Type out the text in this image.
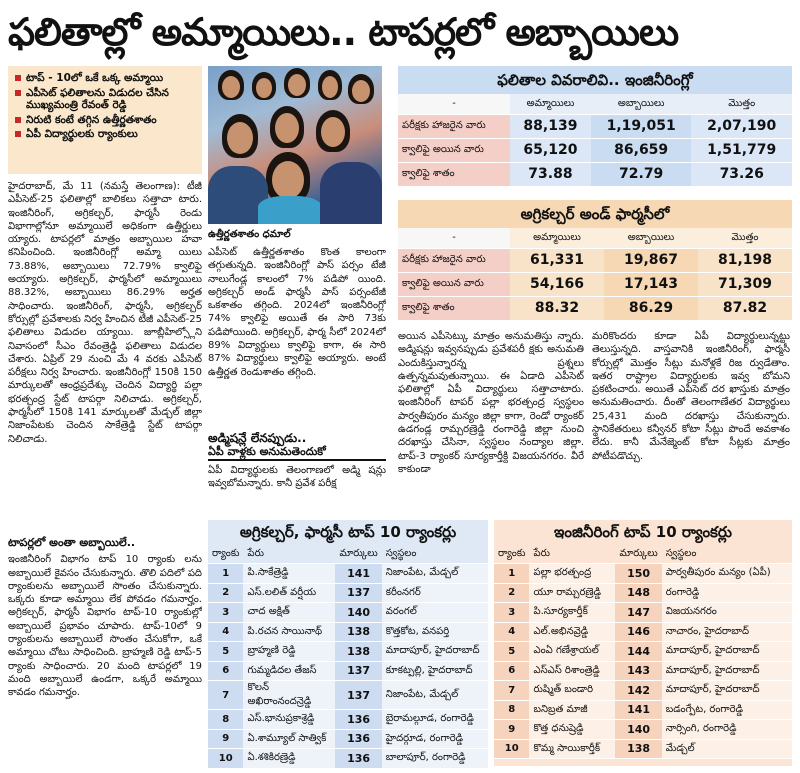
ఫలితాల్లో అమ్మాయిలు.. టాపర్లలో అబ్బాయిలు
టాప్ - 10లో ఒకే ఒక్క అమ్మాయి
ఎపీసెట్ ఫలితాలను విడుదల చేసిన ముఖ్యమంత్రి రేవంత్ రెడ్డి
నిరుటి కంటే తగ్గిన ఉత్తీర్ణతశాతం
ఏపీ విద్యార్థులకు ర్యాంకులు

హైదరాబాద్, మే 11 (నమస్తే తెలంగాణ): టీజీ ఎపీసెట్-25 ఫలితాల్లో బాలికలు సత్తాచా టారు. ఇంజినీరింగ్, అగ్రికల్చర్, ఫార్మసీ రెండు విభాగాల్లోనూ అమ్మాయిలే అధికంగా ఉత్తీర్ణులు య్యారు. టాపర్లలో మాత్రం అబ్బాయిల హవా కనిపించింది. ఇంజినీరింగ్లో అమ్మా యిలు 73.88%, అబ్బాయిలు 72.79% క్వాలిఫై అయ్యారు. అగ్రికల్చర్, ఫార్మసీలో అమ్మాయిలు 88.32%, అబ్బాయిలు 86.29% అర్హత సాధించారు. ఇంజినీరింగ్, ఫార్మసీ, అగ్రికల్చర్ కోర్సుల్లో ప్రవేశాలకు నిర్వ హించిన టీజీ ఎపీసెట్-25 ఫలితాలు విడుదల య్యాయి. జూబ్లీహిల్స్లోని నివాసంలో సీఎం రేవంత్రెడ్డి ఫలితాలు విడుదల చేశారు. ఏప్రిల్ 29 నుంచి మే 4 వరకు ఎపీసెట్ పరీక్షలు నిర్వ హించారు. ఇంజినీరింగ్లో 150కి 150 మార్కులతో ఆంధ్రప్రదేశ్కు చెందిన విద్యార్థి పల్లా భరత్చంద్ర స్టేట్ టాపర్గా నిలిచాడు. అగ్రికల్చర్, ఫార్మసీలో 150కి 141 మార్కులతో మేడ్చల్ జిల్లా నిజాంపేటకు చెందిన సాకేత్రెడ్డి స్టేట్ టాపర్గా నిలిచాడు.

టాపర్లలో అంతా అబ్బాయిలే..

ఇంజినీరింగ్ విభాగం టాప్ 10 ర్యాంకు లను అబ్బాయిలే కైవసం చేసుకున్నారు. తొలి పదిలో పది ర్యాంకులను అబ్బాయిలే సొంతం చేసుకున్నారు. ఒక్కరు కూడా అమ్మాయి లేక పోవడం గమనార్హం. అగ్రికల్చర్, ఫార్మసీ విభాగం టాప్-10 ర్యాంకుల్లో అబ్బాయిలే ప్రభావం చూపారు. టాప్-10లో 9 ర్యాంకులను అబ్బాయిలే సొంతం చేసుకోగా, ఒకే అమ్మాయి చోటు సాధించింది. బ్రాహ్మణి రెడ్డి టాప్-5 ర్యాంకు సాధించారు. 20 మంది టాపర్లలో 19 మంది అబ్బాయిలే ఉండగా, ఒక్కరే అమ్మాయి కావడం గమనార్హం.

ఉత్తీర్ణతశాతం ధమాల్

ఎపీసెట్ ఉత్తీర్ణతశాతం కొంత కాలంగా తగ్గుతున్నది. ఇంజినీరింగ్లో పాస్ పర్సం టేజీ నాలుగేండ్ల కాలంలో 7% పడిపో యింది. అగ్రికల్చర్ అండ్ ఫార్మసీ పాస్ పర్సంటేజీ ఒకశాతం తగ్గింది. 2024లో ఇంజినీరింగ్లో 74% క్వాలిఫై అయితే ఈ సారి 73కు పడిపోయింది. అగ్రికల్చర్, ఫార్మ సీలో 2024లో 89% విద్యార్థులు క్వాలిఫై కాగా, ఈ సారి 87% విద్యార్థులు క్వాలిఫై అయ్యారు. అంటే ఉత్తీర్ణత రెండుశాతం తగ్గింది.

అడ్మిషన్లే లేనప్పుడు..

ఏపీ వాళ్లకు అనుమతెందుకో

ఏపీ విద్యార్థులకు తెలంగాణలో అడ్మి షన్లు ఇవ్వబోమన్నారు. కానీ ప్రవేశ పరీక్ష

అయిన ఎపీసెట్కు మాత్రం అనుమతిస్తు న్నారు. అడ్మిషన్లు ఇవ్వనప్పుడు ప్రవేశపరీ క్షకు అనుమతి ఎందుకిస్తున్నారన్న ప్రశ్నలు ఉత్పన్నమవుతున్నాయి. ఈ ఏడాది ఎపీసెట్ ఫలితాల్లో ఏపీ విద్యార్థులు సత్తాచాటారు. ఇంజినీరింగ్ టాపర్ పల్లా భరత్చంద్ర స్వస్థలం పార్వతీపురం మన్యం జిల్లా కాగా, రెండో ర్యాంకర్ ఉడగండ్ల రామ్చరణ్రెడ్డి రంగారెడ్డి జిల్లా నుంచి దరఖాస్తు చేసినా, స్వస్థలం నంద్యాల జిల్లా. టాప్-3 ర్యాంకర్ సూర్యకార్తీక్ది విజయనగరం. వీరే కాకుండా

మరికొందరు కూడా ఏపీ విద్యార్థులున్నట్టు తెలుస్తున్నది. వాస్తవానికి ఇంజినీరింగ్, ఫార్మసీ కోర్సుల్లో మొత్తం సీట్లు మనోళ్లకే రిజ ర్వుడేతాం. ఇతర రాష్ట్రాల విద్యార్థులకు ఇవ్వ బోమని ప్రకటించారు. అయితే ఎపీసెట్ దర ఖాస్తుకు మాత్రం అనుమతించారు. దీంతో తెలంగాణేతర విద్యార్థులు 25,431 మంది దరఖాస్తు చేసుకున్నారు. స్థానికేతరులు కన్వీనర్ కోటా సీట్లు పొందే అవకాశం లేదు. కానీ మేనేజ్మెంట్ కోటా సీట్లకు మాత్రం పోటీపడొచ్చు.

ఫలితాల వివరాలివి.. ఇంజినీరింగ్లో
-	అమ్మాయిలు	అబ్బాయిలు	మొత్తం
పరీక్షకు హాజరైన వారు	88,139	1,19,051	2,07,190
క్వాలిఫై అయిన వారు	65,120	86,659	1,51,779
క్వాలిఫై శాతం	73.88	72.79	73.26
అగ్రికల్చర్ అండ్ ఫార్మసీలో
-	అమ్మాయిలు	అబ్బాయిలు	మొత్తం
పరీక్షకు హాజరైన వారు	61,331	19,867	81,198
క్వాలిఫై అయిన వారు	54,166	17,143	71,309
క్వాలిఫై శాతం	88.32	86.29	87.82
అగ్రికల్చర్, ఫార్మసీ టాప్ 10 ర్యాంకర్లు
ర్యాంకు	పేరు	మార్కులు	స్వస్థలం
1	పి.సాకేత్రెడ్డి	141	నిజాంపేట, మేడ్చల్
2	ఎస్.లలిత్ వర్షీయ	137	కరీంనగర్
3	చాద అక్షిత్	140	వరంగల్
4	పి.రచన సాయినాథ్	138	కొత్తకోట, వనపర్తి
5	బ్రాహ్మణి రెడ్డి	138	మాదాపూర్, హైదరాబాద్
6	గుమ్మడిదల తేజస్	137	కూకట్పల్లి, హైదరాబాద్
7	కొలన్ అఖిరాంనందన్రెడ్డి	137	నిజాంపేట, మేడ్చల్
8	ఎస్.భానుప్రకాశ్రెడ్డి	136	బైరామల్గూడ, రంగారెడ్డి
9	ఏ.శామ్యూల్ సాత్విక్	136	హైదర్గూడ, రంగారెడ్డి
10	ఏ.శశికిరణ్రెడ్డి	136	బాలాపూర్, రంగారెడ్డి
ఇంజినీరింగ్ టాప్ 10 ర్యాంకర్లు
ర్యాంకు	పేరు	మార్కులు	స్వస్థలం
1	పల్లా భరత్చంద్ర	150	పార్వతీపురం మన్యం (ఏపీ)
2	యూ రామ్చరణ్రెడ్డి	148	రంగారెడ్డి
3	పి.సూర్యకార్తీక్	147	విజయనగరం
4	ఎల్.అభినవ్రెడ్డి	146	నాచారం, హైదరాబాద్
5	ఎంఏ గణేశ్రాయల్	144	మాదాపూర్, హైదరాబాద్
6	ఎస్ఎస్ రిశాంత్రెడ్డి	143	మాదాపూర్, హైదరాబాద్
7	రుష్మిత్ బండారి	142	మాదాపూర్, హైదరాబాద్
8	బనిబ్రత మాజీ	141	బడంగ్పేట, రంగారెడ్డి
9	కొత్త ధనుష్రెడ్డి	140	నార్సింగి, రంగారెడ్డి
10	కొమ్మ సాయికార్తీక్	138	మేడ్చల్
